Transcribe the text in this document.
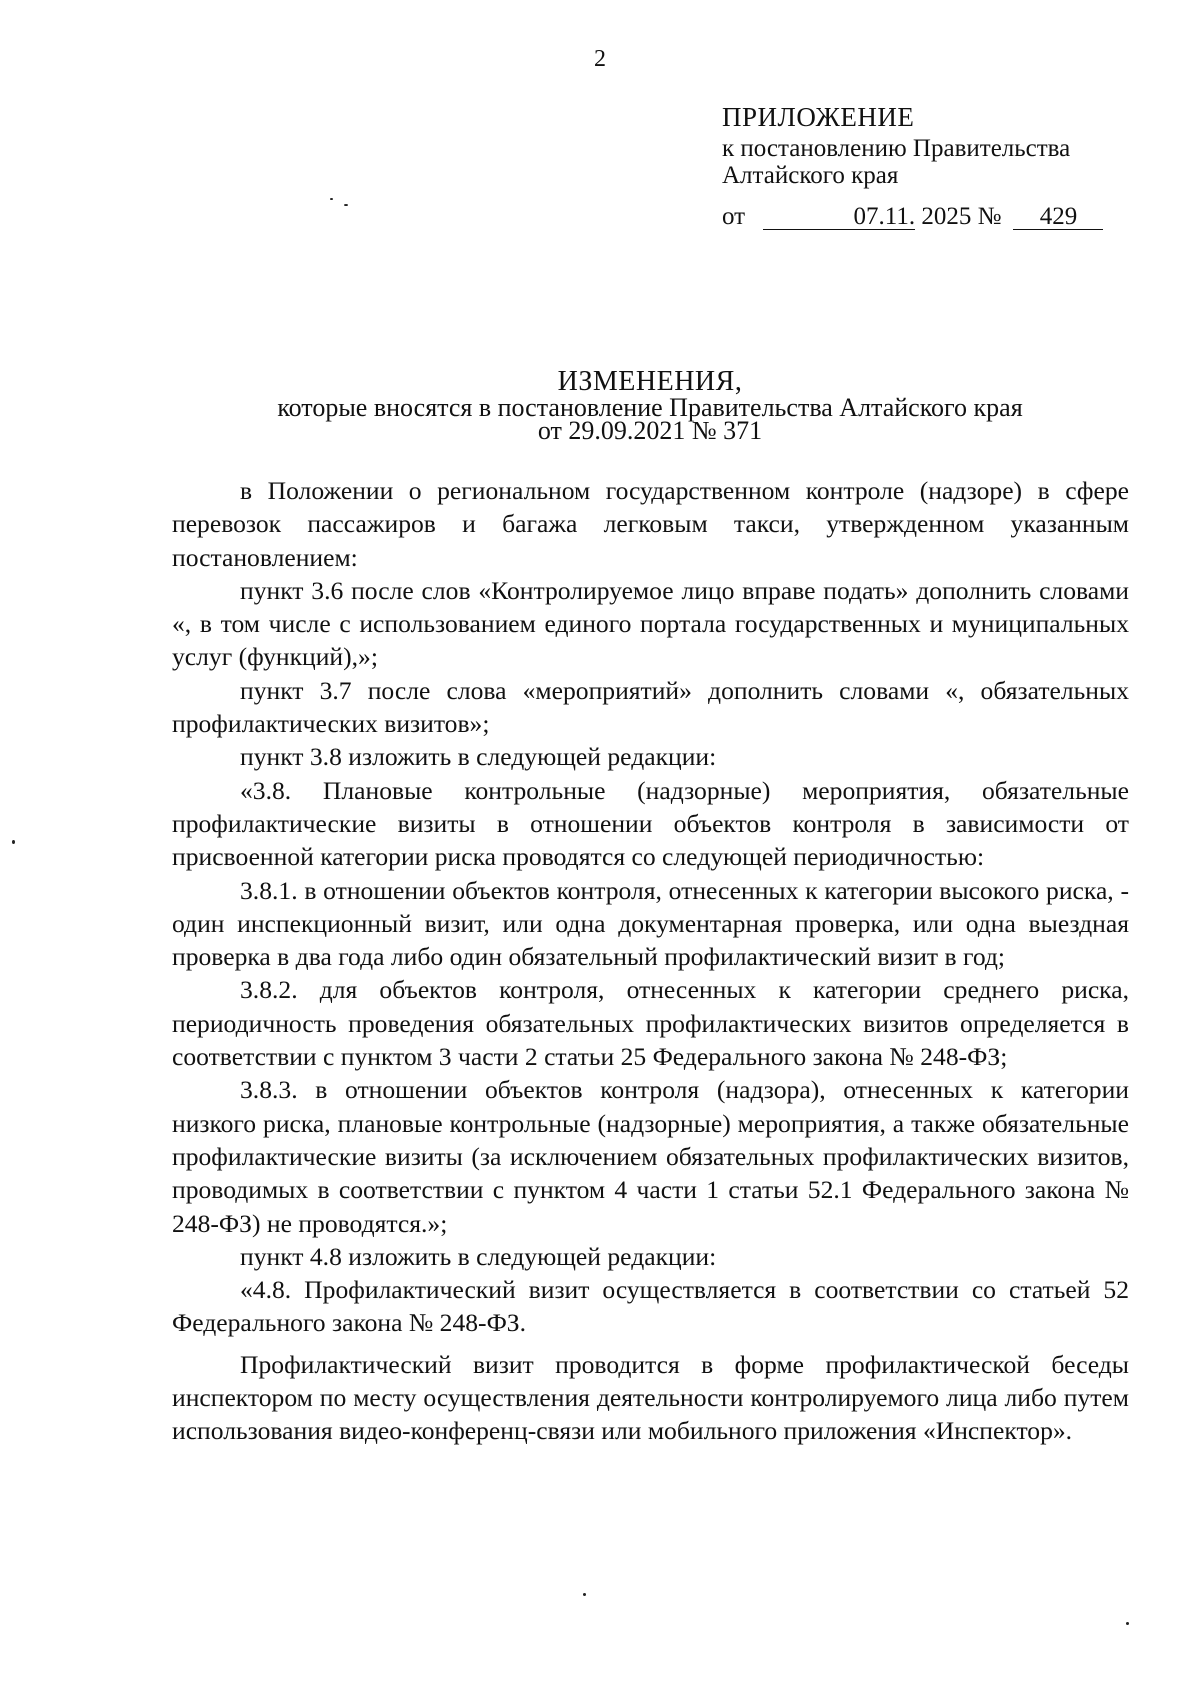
2
ПРИЛОЖЕНИЕ
к постановлению Правительства
Алтайского края
от	07.11. 2025 № 429
ИЗМЕНЕНИЯ,
которые вносятся в постановление Правительства Алтайского края
от 29.09.2021 № 371

в Положении о региональном государственном контроле (надзоре) в сфере перевозок пассажиров и багажа легковым такси, утвержденном указанным постановлением:

пункт 3.6 после слов «Контролируемое лицо вправе подать» дополнить словами «, в том числе с использованием единого портала государственных и муниципальных услуг (функций),»;

пункт 3.7 после слова «мероприятий» дополнить словами «, обязательных профилактических визитов»;

пункт 3.8 изложить в следующей редакции:

«3.8. Плановые контрольные (надзорные) мероприятия, обязательные профилактические визиты в отношении объектов контроля в зависимости от присвоенной категории риска проводятся со следующей периодичностью:

3.8.1. в отношении объектов контроля, отнесенных к категории высокого риска, - один инспекционный визит, или одна документарная проверка, или одна выездная проверка в два года либо один обязательный профилактический визит в год;

3.8.2. для объектов контроля, отнесенных к категории среднего риска, периодичность проведения обязательных профилактических визитов определяется в соответствии с пунктом 3 части 2 статьи 25 Федерального закона № 248-ФЗ;

3.8.3. в отношении объектов контроля (надзора), отнесенных к категории низкого риска, плановые контрольные (надзорные) мероприятия, а также обязательные профилактические визиты (за исключением обязательных профилактических визитов, проводимых в соответствии с пунктом 4 части 1 статьи 52.1 Федерального закона № 248-ФЗ) не проводятся.»;

пункт 4.8 изложить в следующей редакции:

«4.8. Профилактический визит осуществляется в соответствии со статьей 52 Федерального закона № 248-ФЗ.

Профилактический визит проводится в форме профилактической беседы инспектором по месту осуществления деятельности контролируемого лица либо путем использования видео-конференц-связи или мобильного приложения «Инспектор».
